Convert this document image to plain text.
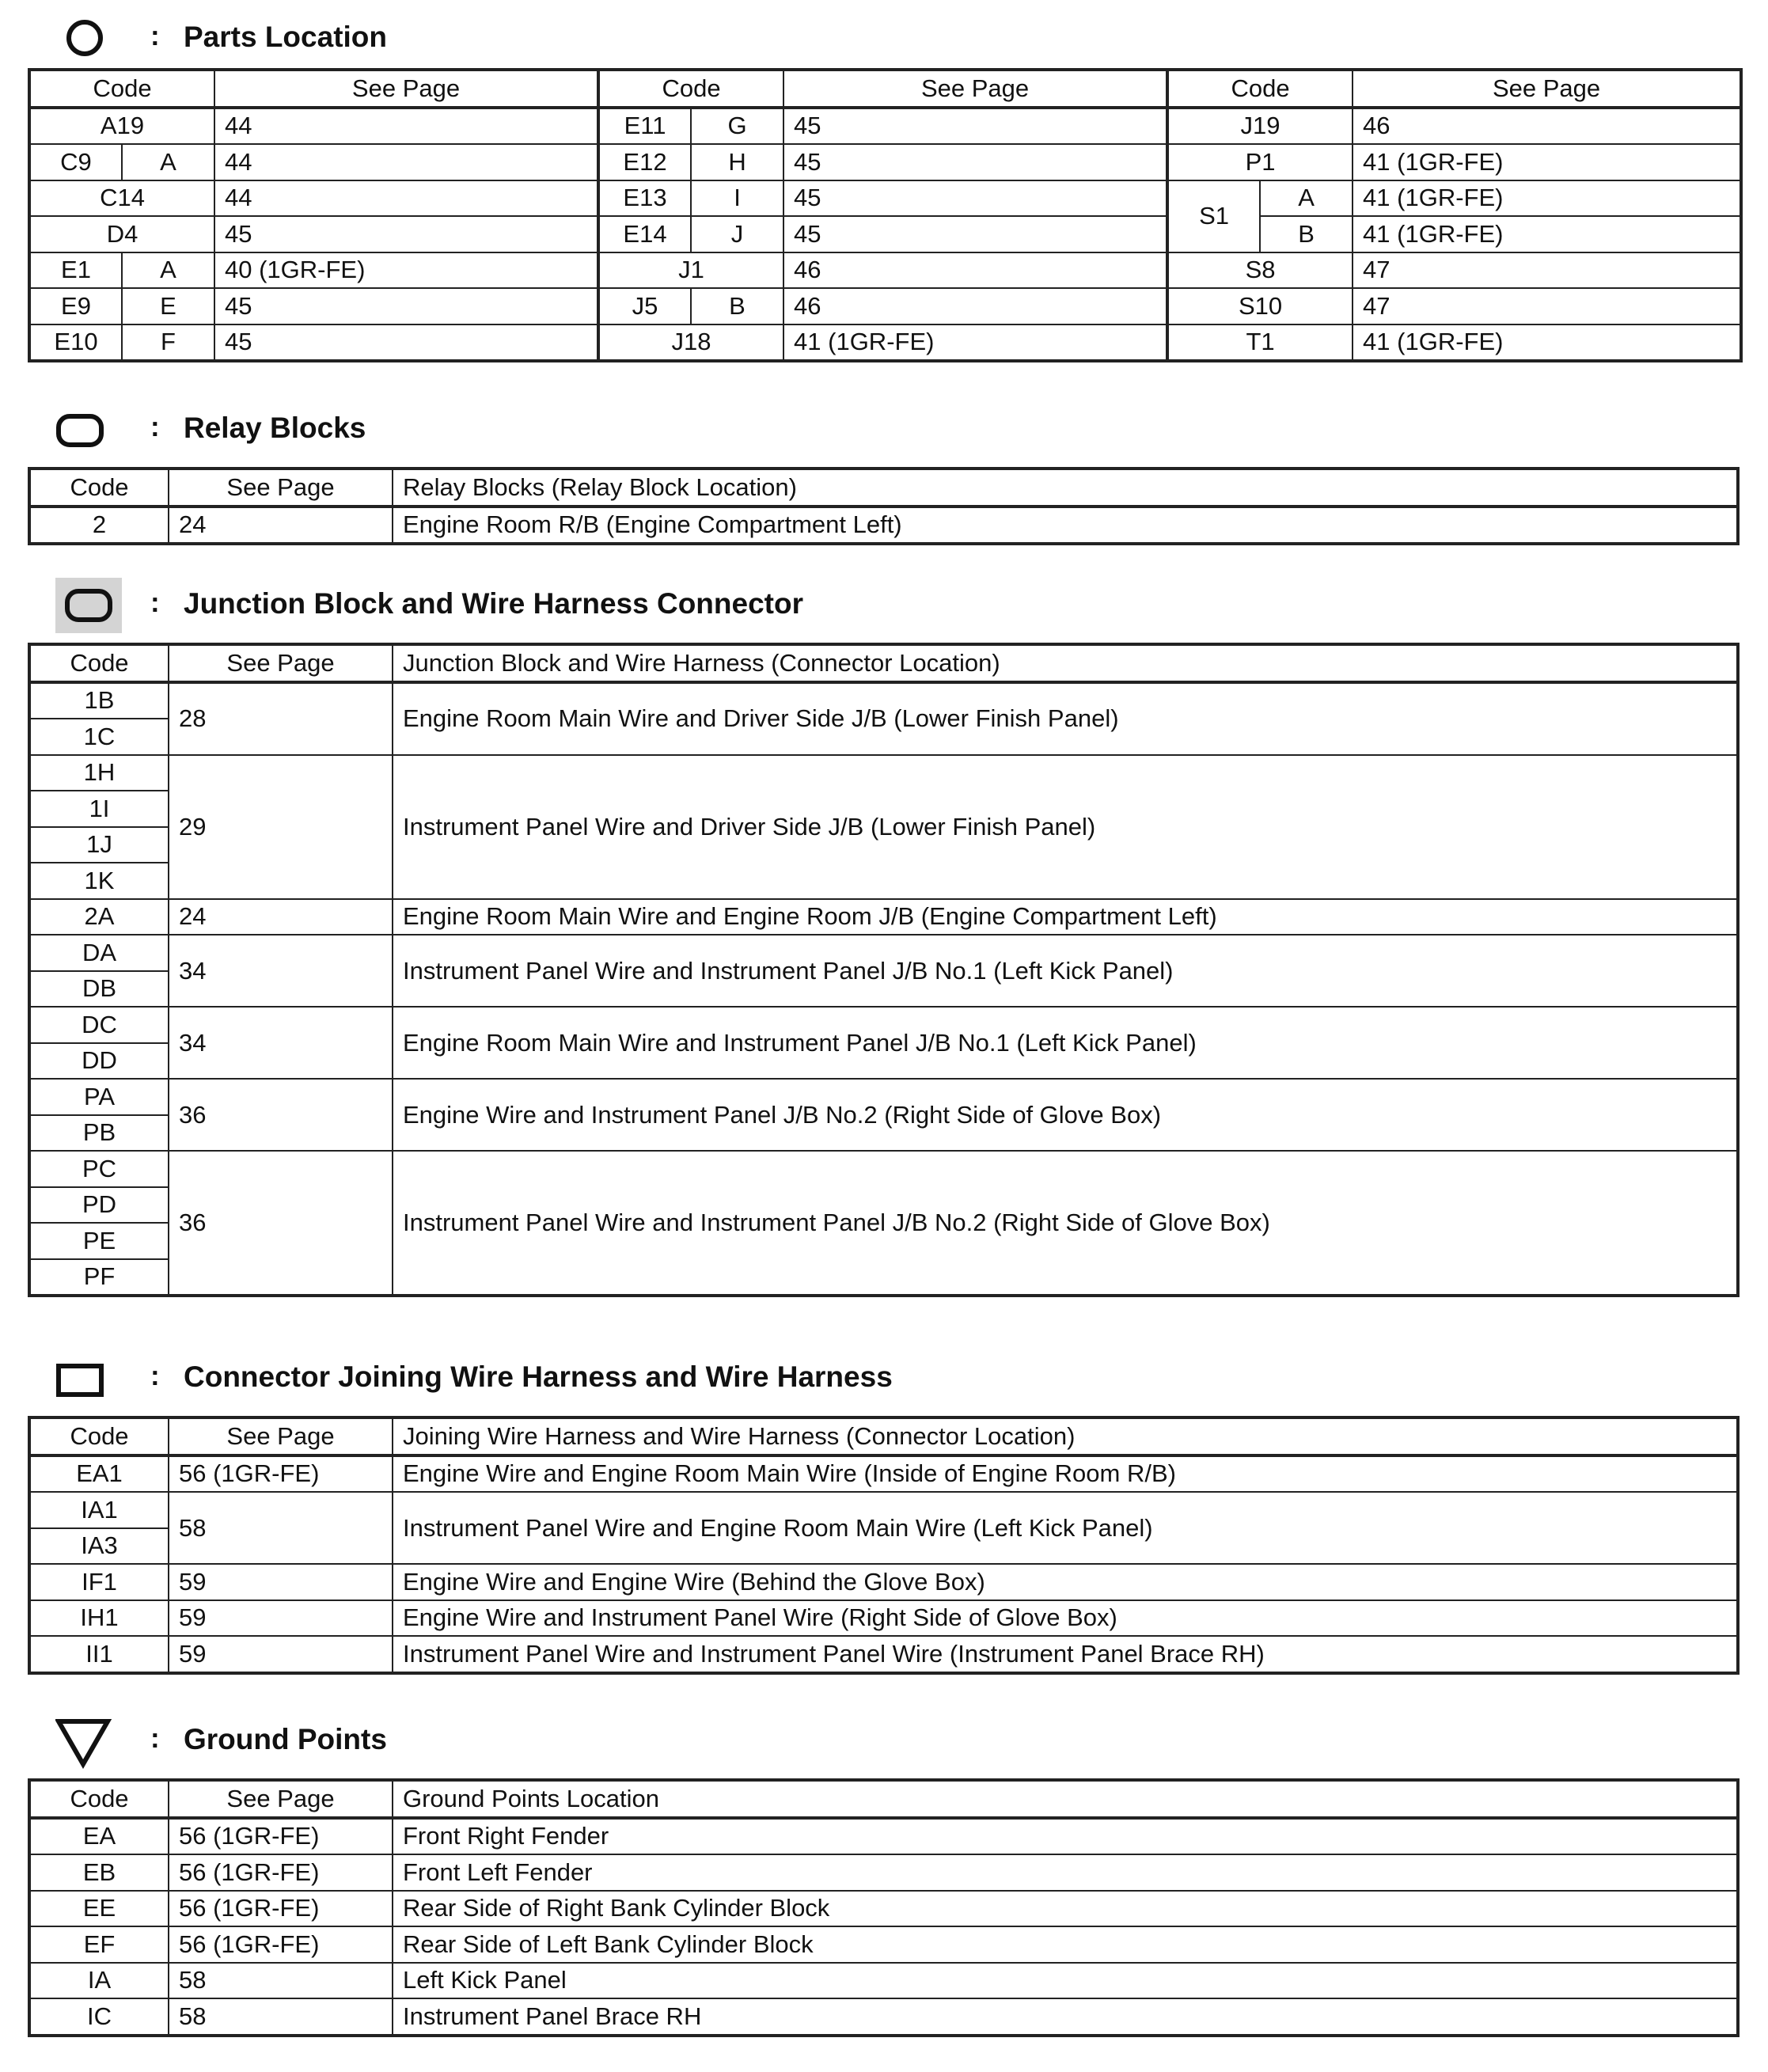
: Parts Location
Code		See Page	Code		See Page	Code		See Page
A19		44	E11	G	45	J19		46
C9	A	44	E12	H	45	P1		41 (1GR-FE)
C14		44	E13	I	45	S1	A	41 (1GR-FE)
D4		45	E14	J	45		B	41 (1GR-FE)
E1	A	40 (1GR-FE)	J1		46	S8		47
E9	E	45	J5	B	46	S10		47
E10	F	45	J18		41 (1GR-FE)	T1		41 (1GR-FE)
: Relay Blocks
Code	See Page	Relay Blocks (Relay Block Location)
2	24	Engine Room R/B (Engine Compartment Left)
: Junction Block and Wire Harness Connector
Code	See Page	Junction Block and Wire Harness (Connector Location)
1B	28	Engine Room Main Wire and Driver Side J/B (Lower Finish Panel)
1C		
1H	29	Instrument Panel Wire and Driver Side J/B (Lower Finish Panel)
1I		
1J		
1K		
2A	24	Engine Room Main Wire and Engine Room J/B (Engine Compartment Left)
DA	34	Instrument Panel Wire and Instrument Panel J/B No.1 (Left Kick Panel)
DB		
DC	34	Engine Room Main Wire and Instrument Panel J/B No.1 (Left Kick Panel)
DD		
PA	36	Engine Wire and Instrument Panel J/B No.2 (Right Side of Glove Box)
PB		
PC	36	Instrument Panel Wire and Instrument Panel J/B No.2 (Right Side of Glove Box)
PD		
PE		
PF		
: Connector Joining Wire Harness and Wire Harness
Code	See Page	Joining Wire Harness and Wire Harness (Connector Location)
EA1	56 (1GR-FE)	Engine Wire and Engine Room Main Wire (Inside of Engine Room R/B)
IA1	58	Instrument Panel Wire and Engine Room Main Wire (Left Kick Panel)
IA3		
IF1	59	Engine Wire and Engine Wire (Behind the Glove Box)
IH1	59	Engine Wire and Instrument Panel Wire (Right Side of Glove Box)
II1	59	Instrument Panel Wire and Instrument Panel Wire (Instrument Panel Brace RH)
: Ground Points
Code	See Page	Ground Points Location
EA	56 (1GR-FE)	Front Right Fender
EB	56 (1GR-FE)	Front Left Fender
EE	56 (1GR-FE)	Rear Side of Right Bank Cylinder Block
EF	56 (1GR-FE)	Rear Side of Left Bank Cylinder Block
IA	58	Left Kick Panel
IC	58	Instrument Panel Brace RH
